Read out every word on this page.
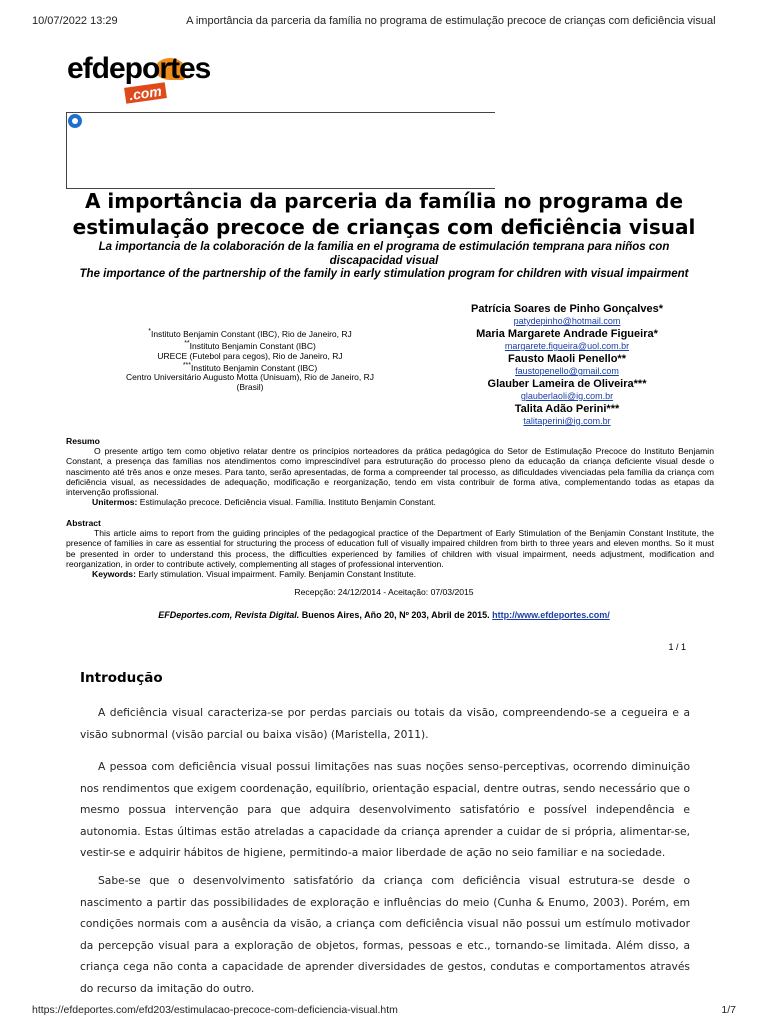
10/07/2022 13:29	A importância da parceria da família no programa de estimulação precoce de crianças com deficiência visual
efdeportes
.com
A importância da parceria da família no programa de estimulação precoce de crianças com deficiência visual

La importancia de la colaboración de la familia en el programa de estimulación temprana para niños con discapacidad visual

The importance of the partnership of the family in early stimulation program for children with visual impairment

Patrícia Soares de Pinho Gonçalves*
patydepinho@hotmail.com
Maria Margarete Andrade Figueira*
margarete.figueira@uol.com.br
Fausto Maoli Penello**
faustopenello@gmail.com
Glauber Lameira de Oliveira***
glauberlaoli@ig.com.br
Talita Adão Perini***
talitaperini@ig.com.br
*Instituto Benjamin Constant (IBC), Rio de Janeiro, RJ
**Instituto Benjamin Constant (IBC)
URECE (Futebol para cegos), Rio de Janeiro, RJ
***Instituto Benjamin Constant (IBC)
Centro Universitário Augusto Motta (Unisuam), Rio de Janeiro, RJ
(Brasil)
Resumo
O presente artigo tem como objetivo relatar dentre os princípios norteadores da prática pedagógica do Setor de Estimulação Precoce do Instituto Benjamin Constant, a presença das famílias nos atendimentos como imprescindível para estruturação do processo pleno da educação da criança deficiente visual desde o nascimento até três anos e onze meses. Para tanto, serão apresentadas, de forma a compreender tal processo, as dificuldades vivenciadas pela família da criança com deficiência visual, as necessidades de adequação, modificação e reorganização, tendo em vista contribuir de forma ativa, complementando todas as etapas da intervenção profissional.
Unitermos: Estimulação precoce. Deficiência visual. Família. Instituto Benjamin Constant.
Abstract
This article aims to report from the guiding principles of the pedagogical practice of the Department of Early Stimulation of the Benjamin Constant Institute, the presence of families in care as essential for structuring the process of education full of visually impaired children from birth to three years and eleven months. So it must be presented in order to understand this process, the difficulties experienced by families of children with visual impairment, needs adjustment, modification and reorganization, in order to contribute actively, complementing all stages of professional intervention.
Keywords: Early stimulation. Visual impairment. Family. Benjamin Constant Institute.
Recepção: 24/12/2014 - Aceitação: 07/03/2015
EFDeportes.com, Revista Digital. Buenos Aires, Año 20, Nº 203, Abril de 2015. http://www.efdeportes.com/
1 / 1
Introdução

A deficiência visual caracteriza-se por perdas parciais ou totais da visão, compreendendo-se a cegueira e a visão subnormal (visão parcial ou baixa visão) (Maristella, 2011).

A pessoa com deficiência visual possui limitações nas suas noções senso-perceptivas, ocorrendo diminuição nos rendimentos que exigem coordenação, equilíbrio, orientação espacial, dentre outras, sendo necessário que o mesmo possua intervenção para que adquira desenvolvimento satisfatório e possível independência e autonomia. Estas últimas estão atreladas a capacidade da criança aprender a cuidar de si própria, alimentar-se, vestir-se e adquirir hábitos de higiene, permitindo-a maior liberdade de ação no seio familiar e na sociedade.

Sabe-se que o desenvolvimento satisfatório da criança com deficiência visual estrutura-se desde o nascimento a partir das possibilidades de exploração e influências do meio (Cunha & Enumo, 2003). Porém, em condições normais com a ausência da visão, a criança com deficiência visual não possui um estímulo motivador da percepção visual para a exploração de objetos, formas, pessoas e etc., tornando-se limitada. Além disso, a criança cega não conta a capacidade de aprender diversidades de gestos, condutas e comportamentos através do recurso da imitação do outro.

https://efdeportes.com/efd203/estimulacao-precoce-com-deficiencia-visual.htm	1/7
